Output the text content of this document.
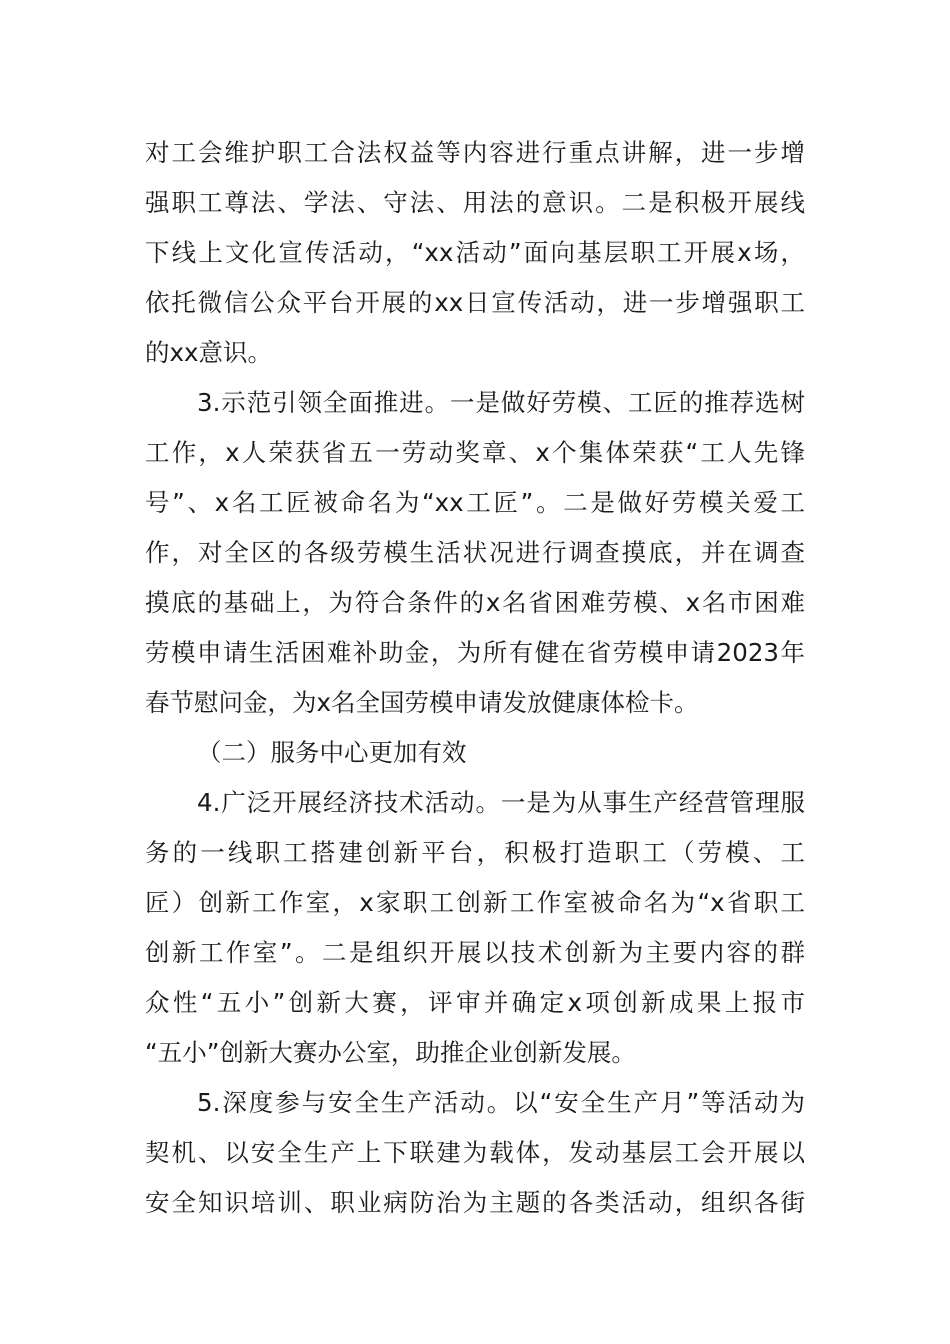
对工会维护职工合法权益等内容进行重点讲解，进一步增
强职工尊法、学法、守法、用法的意识。二是积极开展线
下线上文化宣传活动，“xx活动”面向基层职工开展x场，
依托微信公众平台开展的xx日宣传活动，进一步增强职工
的xx意识。
3.示范引领全面推进。一是做好劳模、工匠的推荐选树
工作，x人荣获省五一劳动奖章、x个集体荣获“工人先锋
号”、x名工匠被命名为“xx工匠”。二是做好劳模关爱工
作，对全区的各级劳模生活状况进行调查摸底，并在调查
摸底的基础上，为符合条件的x名省困难劳模、x名市困难
劳模申请生活困难补助金，为所有健在省劳模申请2023年
春节慰问金，为x名全国劳模申请发放健康体检卡。
（二）服务中心更加有效
4.广泛开展经济技术活动。一是为从事生产经营管理服
务的一线职工搭建创新平台，积极打造职工（劳模、工
匠）创新工作室，x家职工创新工作室被命名为“x省职工
创新工作室”。二是组织开展以技术创新为主要内容的群
众性“五小”创新大赛，评审并确定x项创新成果上报市
“五小”创新大赛办公室，助推企业创新发展。
5.深度参与安全生产活动。以“安全生产月”等活动为
契机、以安全生产上下联建为载体，发动基层工会开展以
安全知识培训、职业病防治为主题的各类活动，组织各街
